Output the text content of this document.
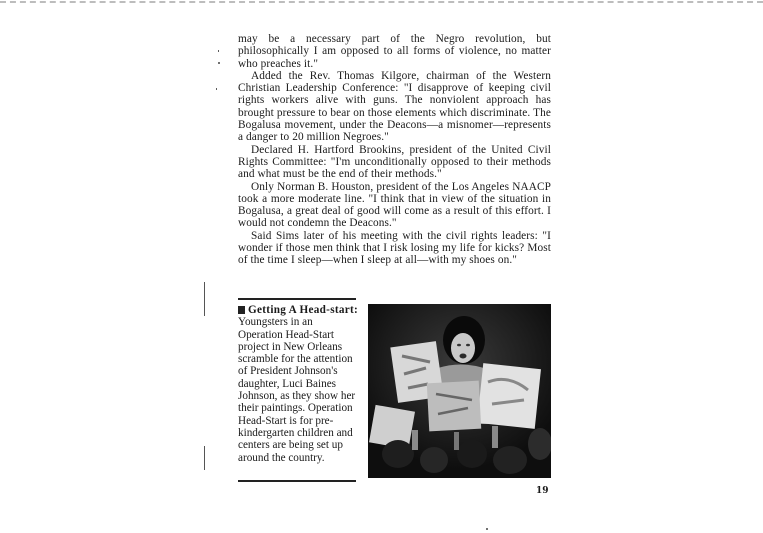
may be a necessary part of the Negro revolution, but philosophically I am opposed to all forms of violence, no matter who preaches it."

Added the Rev. Thomas Kilgore, chairman of the Western Christian Leadership Conference: "I disapprove of keeping civil rights workers alive with guns. The nonviolent approach has brought pressure to bear on those elements which discriminate. The Bogalusa movement, under the Deacons—a misnomer—represents a danger to 20 million Negroes."

Declared H. Hartford Brookins, president of the United Civil Rights Committee: "I'm unconditionally opposed to their methods and what must be the end of their methods."

Only Norman B. Houston, president of the Los Angeles NAACP took a more moderate line. "I think that in view of the situation in Bogalusa, a great deal of good will come as a result of this effort. I would not condemn the Deacons."

Said Sims later of his meeting with the civil rights leaders: "I wonder if those men think that I risk losing my life for kicks? Most of the time I sleep—when I sleep at all—with my shoes on."

Getting A Head-start: Youngsters in an Operation Head-Start project in New Orleans scramble for the attention of President Johnson's daughter, Luci Baines Johnson, as they show her their paintings. Operation Head-Start is for pre-kindergarten children and centers are being set up around the country.
19
